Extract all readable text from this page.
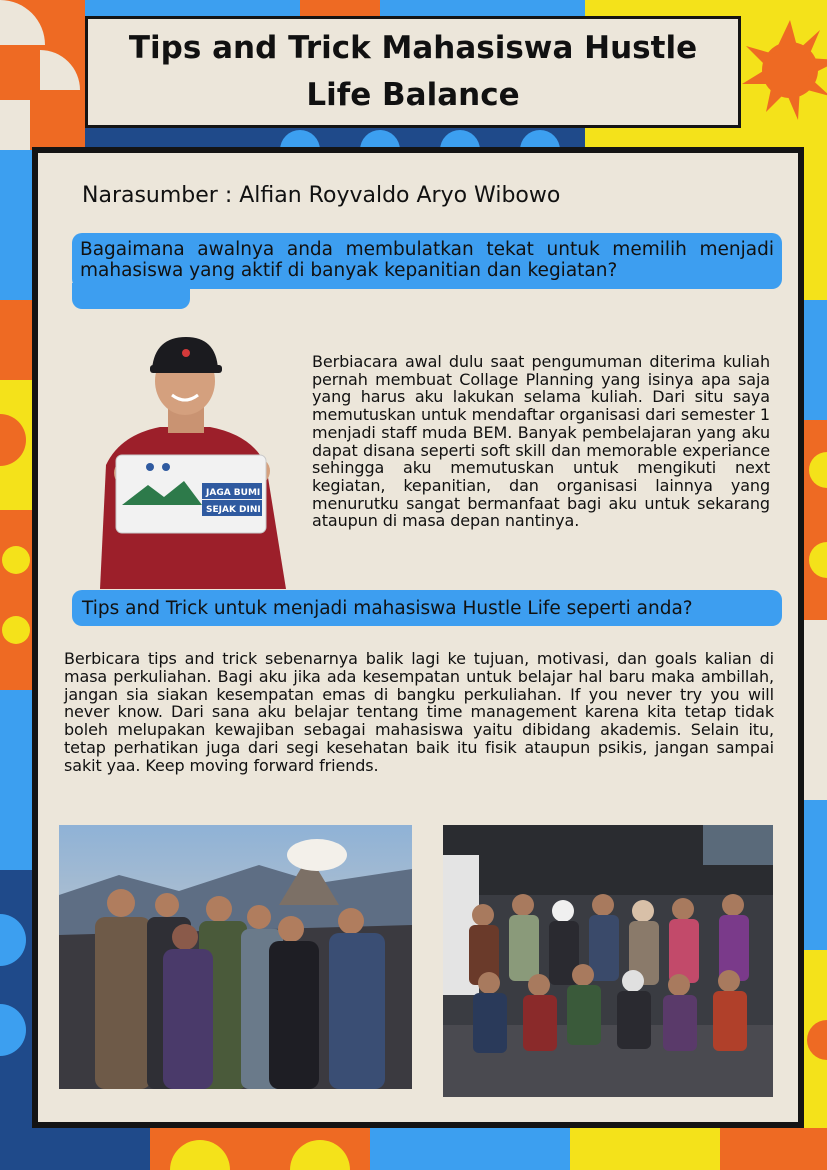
Tips and Trick Mahasiswa Hustle Life Balance
Narasumber : Alfian Royvaldo Aryo Wibowo

Bagaimana awalnya anda membulatkan tekat untuk memilih menjadi mahasiswa yang aktif di banyak kepanitian dan kegiatan?

JAGA BUMI
SEJAK DINI

Berbiacara awal dulu saat pengumuman diterima kuliah pernah membuat Collage Planning yang isinya apa saja yang harus aku lakukan selama kuliah. Dari situ saya memutuskan untuk mendaftar organisasi dari semester 1 menjadi staff muda BEM. Banyak pembelajaran yang aku dapat disana seperti soft skill dan memorable experiance sehingga aku memutuskan untuk mengikuti next kegiatan, kepanitian, dan organisasi lainnya yang menurutku sangat bermanfaat bagi aku untuk sekarang ataupun di masa depan nantinya.

Tips and Trick untuk menjadi mahasiswa Hustle Life seperti anda?

Berbicara tips and trick sebenarnya balik lagi ke tujuan, motivasi, dan goals kalian di masa perkuliahan. Bagi aku jika ada kesempatan untuk belajar hal baru maka ambillah, jangan sia siakan kesempatan emas di bangku perkuliahan. If you never try you will never know. Dari sana aku belajar tentang time management karena kita tetap tidak boleh melupakan kewajiban sebagai mahasiswa yaitu dibidang akademis. Selain itu, tetap perhatikan juga dari segi kesehatan baik itu fisik ataupun psikis, jangan sampai sakit yaa. Keep moving forward friends.
